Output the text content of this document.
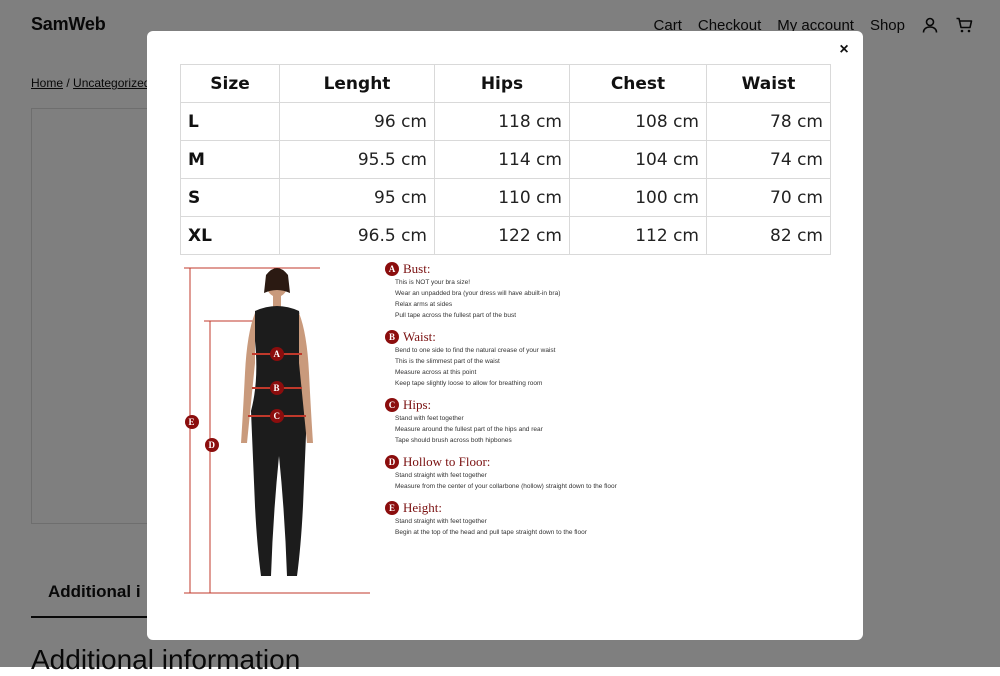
×
Size	Lenght	Hips	Chest	Waist
L	96 cm	118 cm	108 cm	78 cm
M	95.5 cm	114 cm	104 cm	74 cm
S	95 cm	110 cm	100 cm	70 cm
XL	96.5 cm	122 cm	112 cm	82 cm
A
B
C
E
D
A Bust:
This is NOT your bra size!
Wear an unpadded bra (your dress will have abuilt-in bra)
Relax arms at sides
Pull tape across the fullest part of the bust
B Waist:
Bend to one side to find the natural crease of your waist
This is the slimmest part of the waist
Measure across at this point
Keep tape slightly loose to allow for breathing room
C Hips:
Stand with feet together
Measure around the fullest part of the hips and rear
Tape should brush across both hipbones
D Hollow to Floor:
Stand straight with feet together
Measure from the center of your collarbone (hollow) straight down to the floor
E Height:
Stand straight with feet together
Begin at the top of the head and pull tape straight down to the floor
